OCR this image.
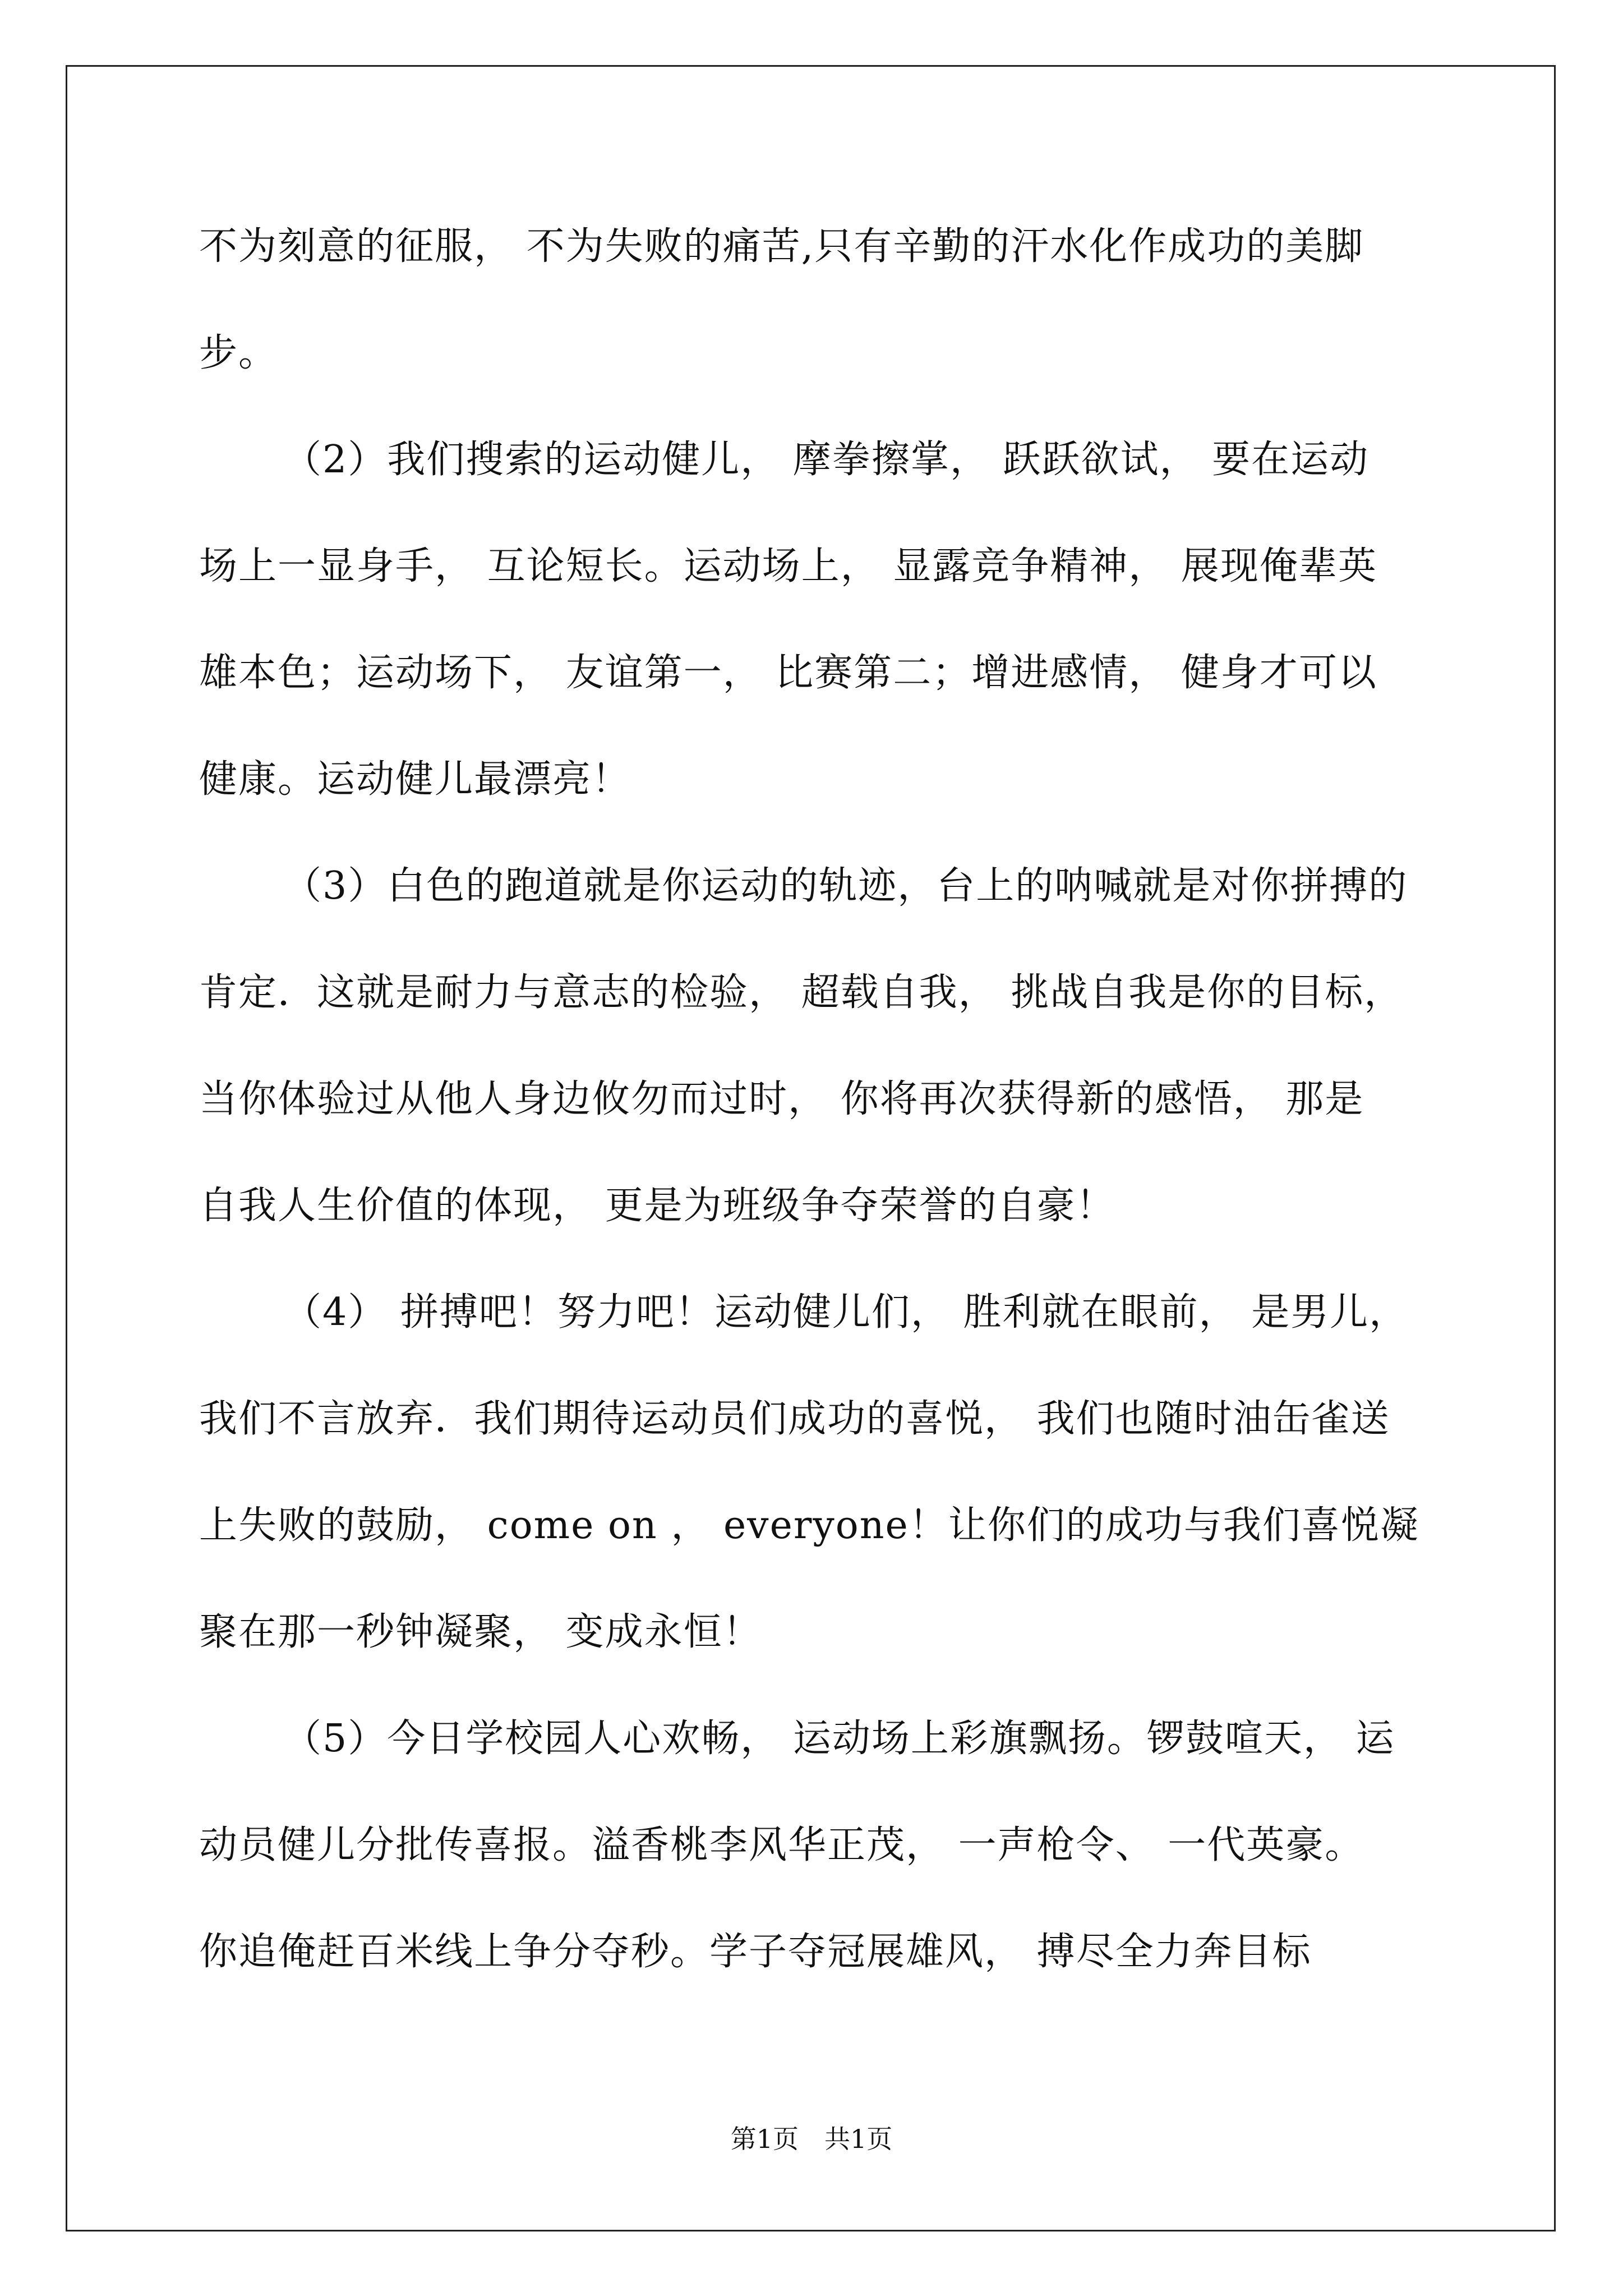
不为刻意的征服， 不为失败的痛苦,只有辛勤的汗水化作成功的美脚
步。
（2）我们搜索的运动健儿， 摩拳擦掌， 跃跃欲试， 要在运动
场上一显身手， 互论短长。运动场上， 显露竞争精神， 展现俺辈英
雄本色；运动场下， 友谊第一， 比赛第二；增进感情， 健身才可以
健康。运动健儿最漂亮！
（3）白色的跑道就是你运动的轨迹，台上的呐喊就是对你拼搏的
肯定．这就是耐力与意志的检验， 超载自我， 挑战自我是你的目标，
当你体验过从他人身边攸勿而过时， 你将再次获得新的感悟， 那是
自我人生价值的体现， 更是为班级争夺荣誉的自豪！
（4） 拼搏吧！努力吧！运动健儿们， 胜利就在眼前， 是男儿，
我们不言放弃．我们期待运动员们成功的喜悦， 我们也随时油缶雀送
上失败的鼓励， come on ， everyone！让你们的成功与我们喜悦凝
聚在那一秒钟凝聚， 变成永恒！
（5）今日学校园人心欢畅， 运动场上彩旗飘扬。锣鼓喧天， 运
动员健儿分批传喜报。溢香桃李风华正茂， 一声枪令、 一代英豪。
你追俺赶百米线上争分夺秒。学子夺冠展雄风， 搏尽全力奔目标
第1页　共1页
